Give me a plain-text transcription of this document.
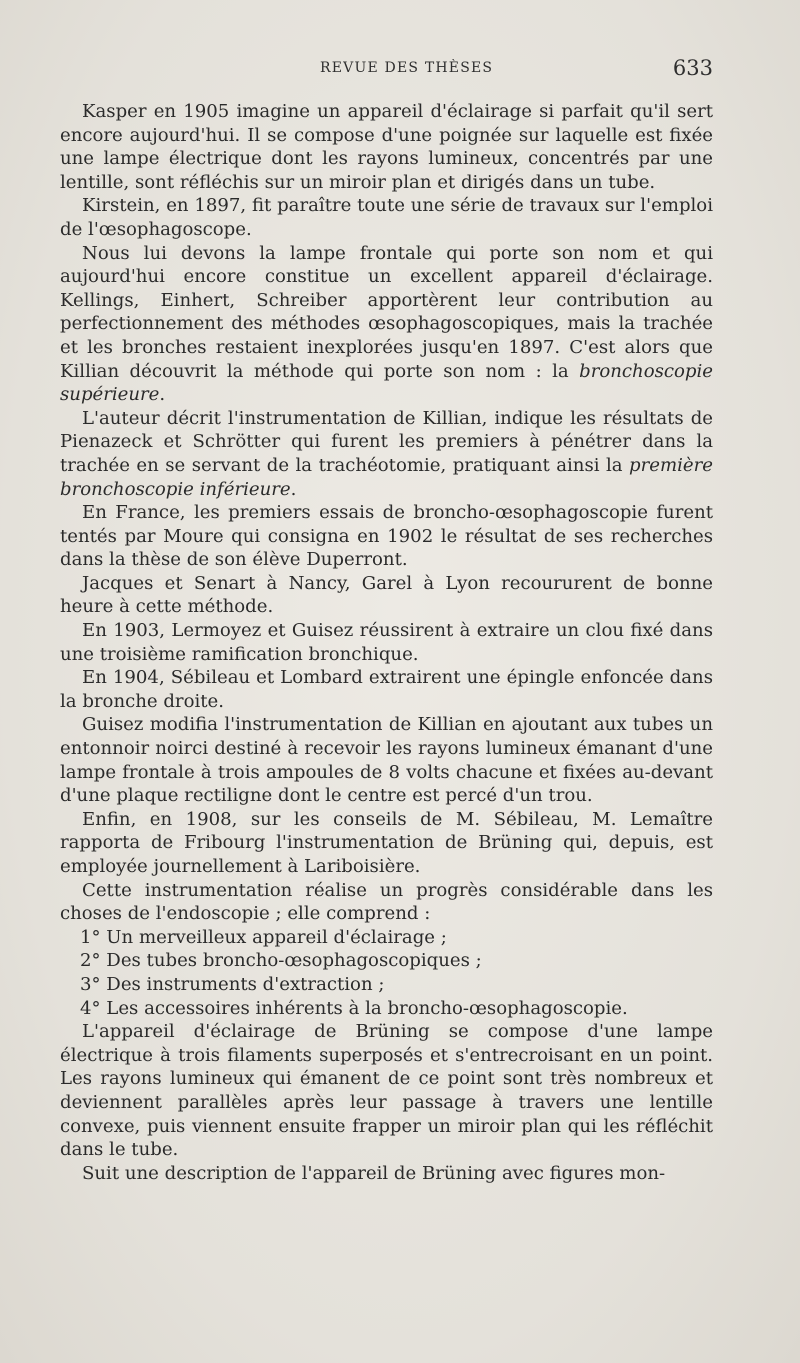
REVUE DES THÈSES	633

Kasper en 1905 imagine un appareil d'éclairage si parfait qu'il sert encore aujourd'hui. Il se compose d'une poignée sur laquelle est fixée une lampe électrique dont les rayons lumineux, concentrés par une lentille, sont réfléchis sur un miroir plan et dirigés dans un tube.

Kirstein, en 1897, fit paraître toute une série de travaux sur l'emploi de l'œsophagoscope.

Nous lui devons la lampe frontale qui porte son nom et qui aujourd'hui encore constitue un excellent appareil d'éclairage. Kellings, Einhert, Schreiber apportèrent leur contribution au perfectionnement des méthodes œsophagoscopiques, mais la trachée et les bronches restaient inexplorées jusqu'en 1897. C'est alors que Killian découvrit la méthode qui porte son nom : la bronchoscopie supérieure.

L'auteur décrit l'instrumentation de Killian, indique les résultats de Pienazeck et Schrötter qui furent les premiers à pénétrer dans la trachée en se servant de la trachéotomie, pratiquant ainsi la première bronchoscopie inférieure.

En France, les premiers essais de broncho-œsophagoscopie furent tentés par Moure qui consigna en 1902 le résultat de ses recherches dans la thèse de son élève Duperront.

Jacques et Senart à Nancy, Garel à Lyon recoururent de bonne heure à cette méthode.

En 1903, Lermoyez et Guisez réussirent à extraire un clou fixé dans une troisième ramification bronchique.

En 1904, Sébileau et Lombard extrairent une épingle enfoncée dans la bronche droite.

Guisez modifia l'instrumentation de Killian en ajoutant aux tubes un entonnoir noirci destiné à recevoir les rayons lumineux émanant d'une lampe frontale à trois ampoules de 8 volts chacune et fixées au-devant d'une plaque rectiligne dont le centre est percé d'un trou.

Enfin, en 1908, sur les conseils de M. Sébileau, M. Lemaître rapporta de Fribourg l'instrumentation de Brüning qui, depuis, est employée journellement à Lariboisière.

Cette instrumentation réalise un progrès considérable dans les choses de l'endoscopie ; elle comprend :

1° Un merveilleux appareil d'éclairage ;

2° Des tubes broncho-œsophagoscopiques ;

3° Des instruments d'extraction ;

4° Les accessoires inhérents à la broncho-œsophagoscopie.

L'appareil d'éclairage de Brüning se compose d'une lampe électrique à trois filaments superposés et s'entrecroisant en un point. Les rayons lumineux qui émanent de ce point sont très nombreux et deviennent parallèles après leur passage à travers une lentille convexe, puis viennent ensuite frapper un miroir plan qui les réfléchit dans le tube.

Suit une description de l'appareil de Brüning avec figures mon-
